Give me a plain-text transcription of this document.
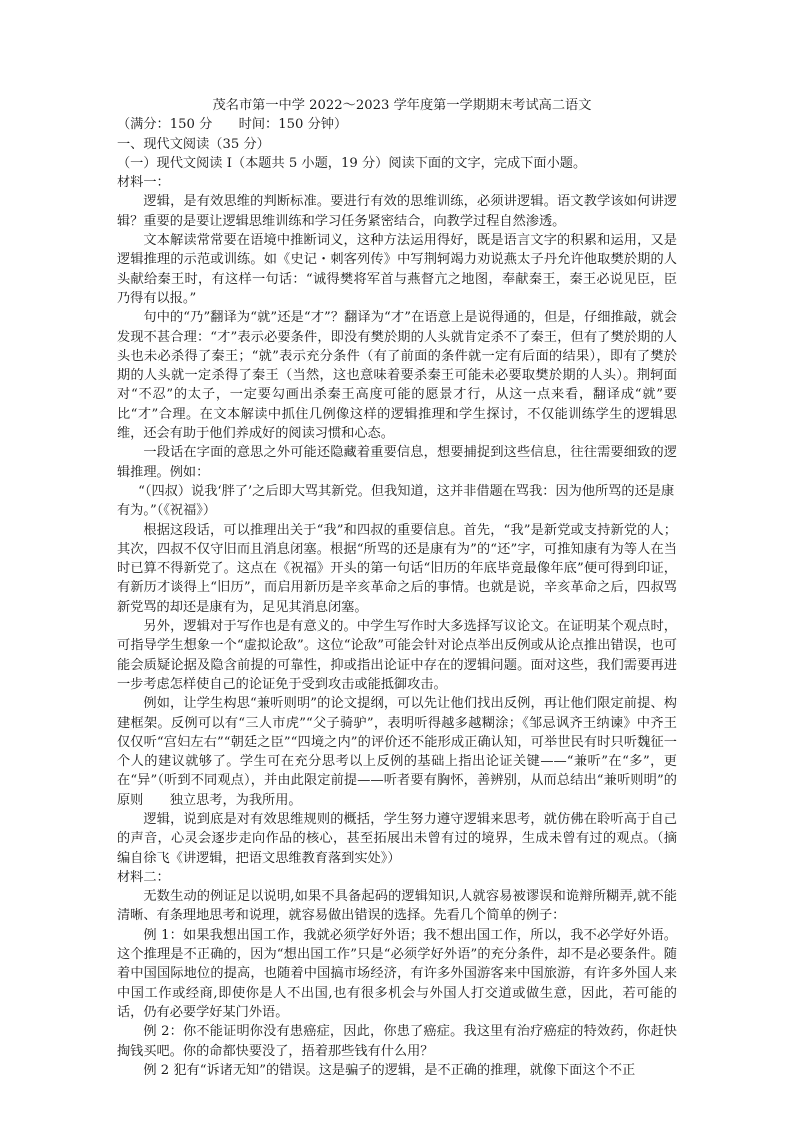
茂名市第一中学 2022～2023 学年度第一学期期末考试高二语文

（满分：150 分　　时间：150 分钟）

一、现代文阅读（35 分）

（一）现代文阅读 I（本题共 5 小题，19 分）阅读下面的文字，完成下面小题。

材料一：

逻辑，是有效思维的判断标准。要进行有效的思维训练，必须讲逻辑。语文教学该如何讲逻辑？重要的是要让逻辑思维训练和学习任务紧密结合，向教学过程自然渗透。

文本解读常常要在语境中推断词义，这种方法运用得好，既是语言文字的积累和运用，又是逻辑推理的示范或训练。如《史记・刺客列传》中写荆轲竭力劝说燕太子丹允许他取樊於期的人头献给秦王时，有这样一句话：“诚得樊将军首与燕督亢之地图，奉献秦王，秦王必说见臣，臣乃得有以报。”

句中的“乃”翻译为“就”还是“才”？翻译为“才”在语意上是说得通的，但是，仔细推敲，就会发现不甚合理：“才”表示必要条件，即没有樊於期的人头就肯定杀不了秦王，但有了樊於期的人头也未必杀得了秦王；“就”表示充分条件（有了前面的条件就一定有后面的结果），即有了樊於期的人头就一定杀得了秦王（当然，这也意味着要杀秦王可能未必要取樊於期的人头）。荆轲面对“不忍”的太子，一定要勾画出杀秦王高度可能的愿景才行，从这一点来看，翻译成“就”要比“才”合理。在文本解读中抓住几例像这样的逻辑推理和学生探讨，不仅能训练学生的逻辑思维，还会有助于他们养成好的阅读习惯和心态。

一段话在字面的意思之外可能还隐藏着重要信息，想要捕捉到这些信息，往往需要细致的逻辑推理。例如：

“（四叔）说我‘胖了’之后即大骂其新党。但我知道，这并非借题在骂我：因为他所骂的还是康有为。”（《祝福》）

根据这段话，可以推理出关于“我”和四叔的重要信息。首先，“我”是新党或支持新党的人；其次，四叔不仅守旧而且消息闭塞。根据“所骂的还是康有为”的“还”字，可推知康有为等人在当时已算不得新党了。这点在《祝福》开头的第一句话“旧历的年底毕竟最像年底”便可得到印证，有新历才谈得上“旧历”，而启用新历是辛亥革命之后的事情。也就是说，辛亥革命之后，四叔骂新党骂的却还是康有为，足见其消息闭塞。

另外，逻辑对于写作也是有意义的。中学生写作时大多选择写议论文。在证明某个观点时，可指导学生想象一个“虚拟论敌”。这位“论敌”可能会针对论点举出反例或从论点推出错误，也可能会质疑论据及隐含前提的可靠性，抑或指出论证中存在的逻辑问题。面对这些，我们需要再进一步考虑怎样使自己的论证免于受到攻击或能抵御攻击。

例如，让学生构思“兼听则明”的论文提纲，可以先让他们找出反例，再让他们限定前提、构建框架。反例可以有“三人市虎”“父子骑驴”，表明听得越多越糊涂；《邹忌讽齐王纳谏》中齐王仅仅听“宫妇左右”“朝廷之臣”“四境之内”的评价还不能形成正确认知，可举世民有时只听魏征一个人的建议就够了。学生可在充分思考以上反例的基础上指出论证关键——“兼听”在“多”，更在“异”（听到不同观点），并由此限定前提——听者要有胸怀，善辨别，从而总结出“兼听则明”的原则　　独立思考，为我所用。

逻辑，说到底是对有效思维规则的概括，学生努力遵守逻辑来思考，就仿佛在聆听高于自己的声音，心灵会逐步走向作品的核心，甚至拓展出未曾有过的境界，生成未曾有过的观点。（摘编自徐飞《讲逻辑，把语文思维教育落到实处》）

材料二：

无数生动的例证足以说明,如果不具备起码的逻辑知识,人就容易被谬误和诡辩所糊弄,就不能清晰、有条理地思考和说理，就容易做出错误的选择。先看几个简单的例子：

例 1：如果我想出国工作，我就必须学好外语；我不想出国工作，所以，我不必学好外语。这个推理是不正确的，因为“想出国工作”只是“必须学好外语”的充分条件，却不是必要条件。随着中国国际地位的提高，也随着中国搞市场经济，有许多外国游客来中国旅游，有许多外国人来中国工作或经商,即使你是人不出国,也有很多机会与外国人打交道或做生意，因此，若可能的话，仍有必要学好某门外语。

例 2：你不能证明你没有患癌症，因此，你患了癌症。我这里有治疗癌症的特效药，你赶快掏钱买吧。你的命都快要没了，捂着那些钱有什么用？

例 2 犯有“诉诸无知”的错误。这是骗子的逻辑，是不正确的推理，就像下面这个不正
